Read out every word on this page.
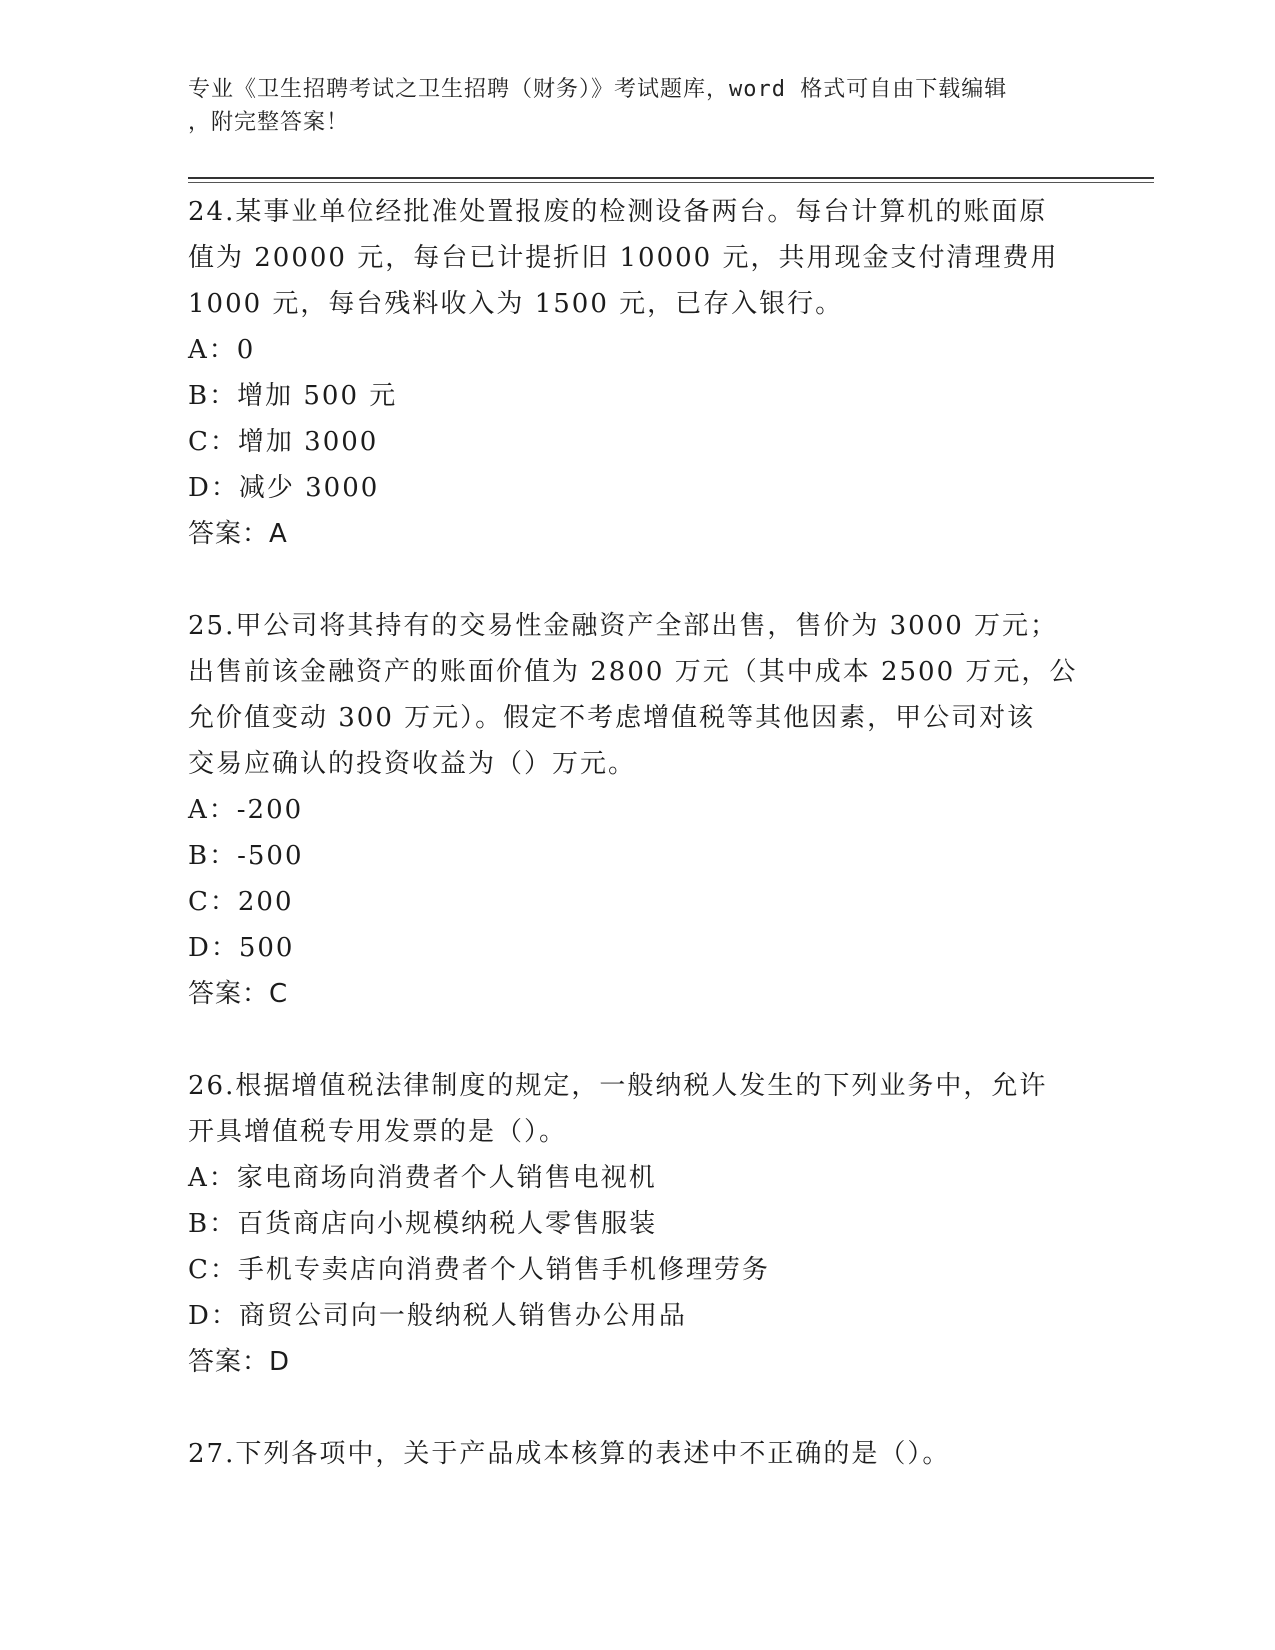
专业《卫生招聘考试之卫生招聘（财务）》考试题库，word 格式可自由下载编辑
，附完整答案！
24.某事业单位经批准处置报废的检测设备两台。每台计算机的账面原
值为 20000 元，每台已计提折旧 10000 元，共用现金支付清理费用
1000 元，每台残料收入为 1500 元，已存入银行。
A：0
B：增加 500 元
C：增加 3000
D：减少 3000
答案：A
25.甲公司将其持有的交易性金融资产全部出售，售价为 3000 万元；
出售前该金融资产的账面价值为 2800 万元（其中成本 2500 万元，公
允价值变动 300 万元）。假定不考虑增值税等其他因素，甲公司对该
交易应确认的投资收益为（）万元。
A：-200
B：-500
C：200
D：500
答案：C
26.根据增值税法律制度的规定，一般纳税人发生的下列业务中，允许
开具增值税专用发票的是（）。
A：家电商场向消费者个人销售电视机
B：百货商店向小规模纳税人零售服装
C：手机专卖店向消费者个人销售手机修理劳务
D：商贸公司向一般纳税人销售办公用品
答案：D
27.下列各项中，关于产品成本核算的表述中不正确的是（）。
